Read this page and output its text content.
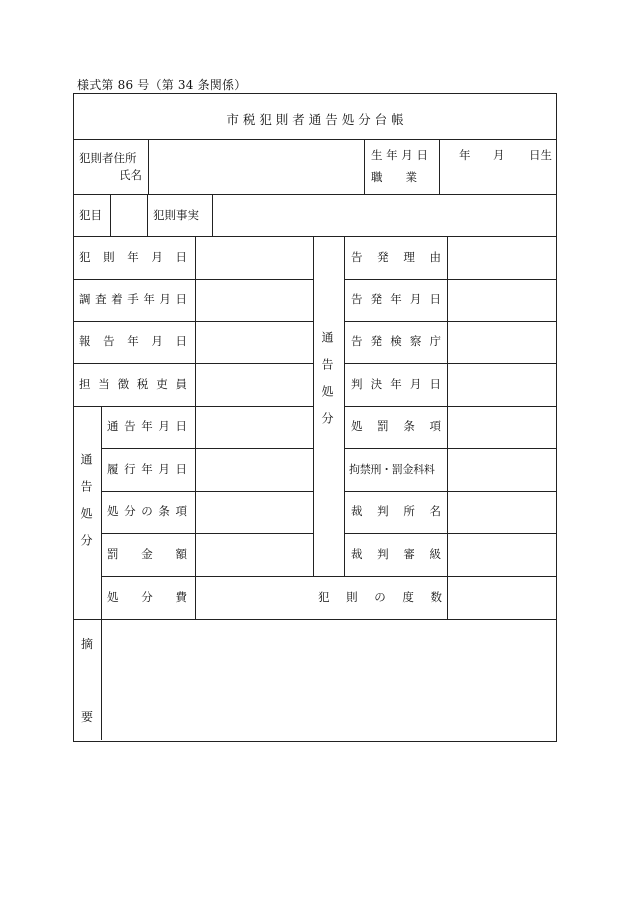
様式第 86 号（第 34 条関係）
市 税 犯 則 者 通 告 処 分 台 帳
犯則者住所
氏名
生 年 月 日
職　　業
年 月 日生
犯目	犯則事実
犯 則 年 月 日
調 査 着 手 年 月 日
報 告 年 月 日
担 当 徴 税 吏 員
通告処分
通 告 年 月 日
履 行 年 月 日
処 分 の 条 項
罰 金 額
処 分 費
通告処分
告 発 理 由
告 発 年 月 日
告 発 検 察 庁
判 決 年 月 日
処 罰 条 項
拘禁刑・罰金科料
裁 判 所 名
裁 判 審 級
犯 則 の 度 数
摘
要
